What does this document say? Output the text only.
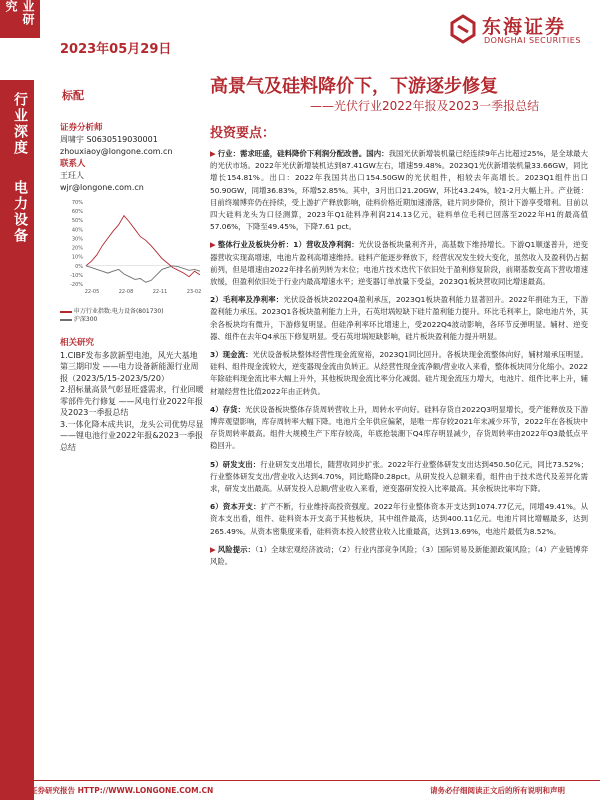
业研究
2023年05月29日
东海证券
DONGHAI SECURITIES
行业深度
电力设备
高景气及硅料降价下，下游逐步修复
——光伏行业2022年报及2023一季报总结
标配
证券分析师
周啸宇 S0630519030001
zhouxiaoy@longone.com.cn
联系人
王玨人
wjr@longone.com.cn
70%
60%
50%
40%
30%
20%
10%
0%
-10%
-20%
22-05	22-08	22-11	23-02
申万行业指数:电力设备(801730)
沪深300
相关研究
1.CIBF发布多款新型电池，风光大基地第三期印发 ——电力设备新能源行业周报（2023/5/15-2023/5/20）
2.招标量高景气彰显旺盛需求，行业回暖零部件先行修复 ——风电行业2022年报及2023一季报总结
3.一体化降本成共识，龙头公司优势尽显——锂电池行业2022年报&2023一季报总结
投资要点：

▶ 行业：需求旺盛，硅料降价下利润分配改善。国内：我国光伏新增装机量已经连续9年占比超过25%，是全球最大的光伏市场。2022年光伏新增装机达到87.41GW左右，增速59.48%。2023Q1光伏新增装机量33.66GW，同比增长154.81%。出口：2022年我国共出口154.50GW的光伏组件，相较去年高增长。2023Q1组件出口50.90GW，同增36.83%，环增52.85%。其中，3月出口21.20GW，环比43.24%，较1-2月大幅上升。产业链：目前终端博弈仍在持续，受上游扩产释放影响，硅料价格近期加速滑落，硅片同步降价，预计下游享受增利。目前以四大硅料龙头为口径测算，2023年Q1硅料净利润214.13亿元，硅料单位毛利已回落至2022年H1的最高值57.06%，下降至49.45%，下降7.61 pct。

▶ 整体行业及板块分析：1）营收及净利润：光伏设备板块量利齐升，高基数下维持增长。下游Q1顺遂普升，逆变器营收实现高增速，电池片盈利高增速维持。硅料产能逐步释放下，经营状况发生较大变化，虽然收入及盈利仍占据前列，但是增速由2022年排名前列转为末位；电池片技术迭代下依旧处于盈利修复阶段，前期基数变高下营收增速放缓，但盈利依旧处于行业内最高增速水平；逆变器订单放量下受益，2023Q1板块营收同比增速最高。

2）毛利率及净利率：光伏设备板块2022Q4盈利承压，2023Q1板块盈利能力显著回升。2022年捐硅为王，下游盈利能力承压。2023Q1各板块盈利能力上升，石英坩埚短缺下硅片盈利能力提升。环比毛利率上，除电池片外，其余各板块均有微升，下游修复明显。但硅净利率环比增速上，受2022Q4波动影响，各环节反弹明显。辅材、逆变器、组件在去年Q4承压下修复明显。受石英坩埚短缺影响，硅片板块盈利能力提升明显。

3）现金流：光伏设备板块整体经营性现金流宽裕，2023Q1同比回升。各板块现金流整体向好，辅材端承压明显。硅料、组件现金流较大，逆变器现金流由负转正。从经营性现金流净额/营业收入来看，整体板块同分化缩小。2022年除硅料现金流比率大幅上升外，其他板块现金流比率分化减弱。硅片现金流压力增大，电池片、组件比率上升，辅材端经营性比值2022年由正转负。

4）存货：光伏设备板块整体存货周转营收上升，周转水平向好。硅料存货自2022Q3明显增长，受产能释放及下游博弈观望影响，库存周转率大幅下降。电池片全年供应偏紧，是唯一库存较2021年末减少环节，2022年在各板块中存货周转率最高。组件大规模生产下库存较高，年底抢装潮下Q4库存明显减少，存货周转率由2022年Q3最低点平稳回升。

5）研发支出：行业研发支出增长，随营收同步扩张。2022年行业整体研发支出达到450.50亿元，同比73.52%；行业整体研发支出/营业收入达到4.70%，同比略降0.28pct。从研发投入总额来看，组件由于技术迭代及差异化需求，研发支出最高。从研发投入总额/营业收入来看，逆变器研发投入比率最高。其余板块比率均下降。

6）资本开支：扩产不断，行业维持高投资强度。2022年行业整体资本开支达到1074.77亿元，同增49.41%。从资本支出看，组件、硅料资本开支高于其他板块，其中组件最高，达到400.11亿元。电池片同比增幅最多，达到265.49%。从资本密集度来看，硅料资本投入较营业收入比重最高，达到13.69%，电池片最低为8.52%。

▶ 风险提示：（1）全球宏观经济波动；（2）行业内部竞争风险；（3）国际贸易及新能源政策风险；（4）产业链博弈风险。

证券研究报告 HTTP://WWW.LONGONE.COM.CN	请务必仔细阅读正文后的所有说明和声明
